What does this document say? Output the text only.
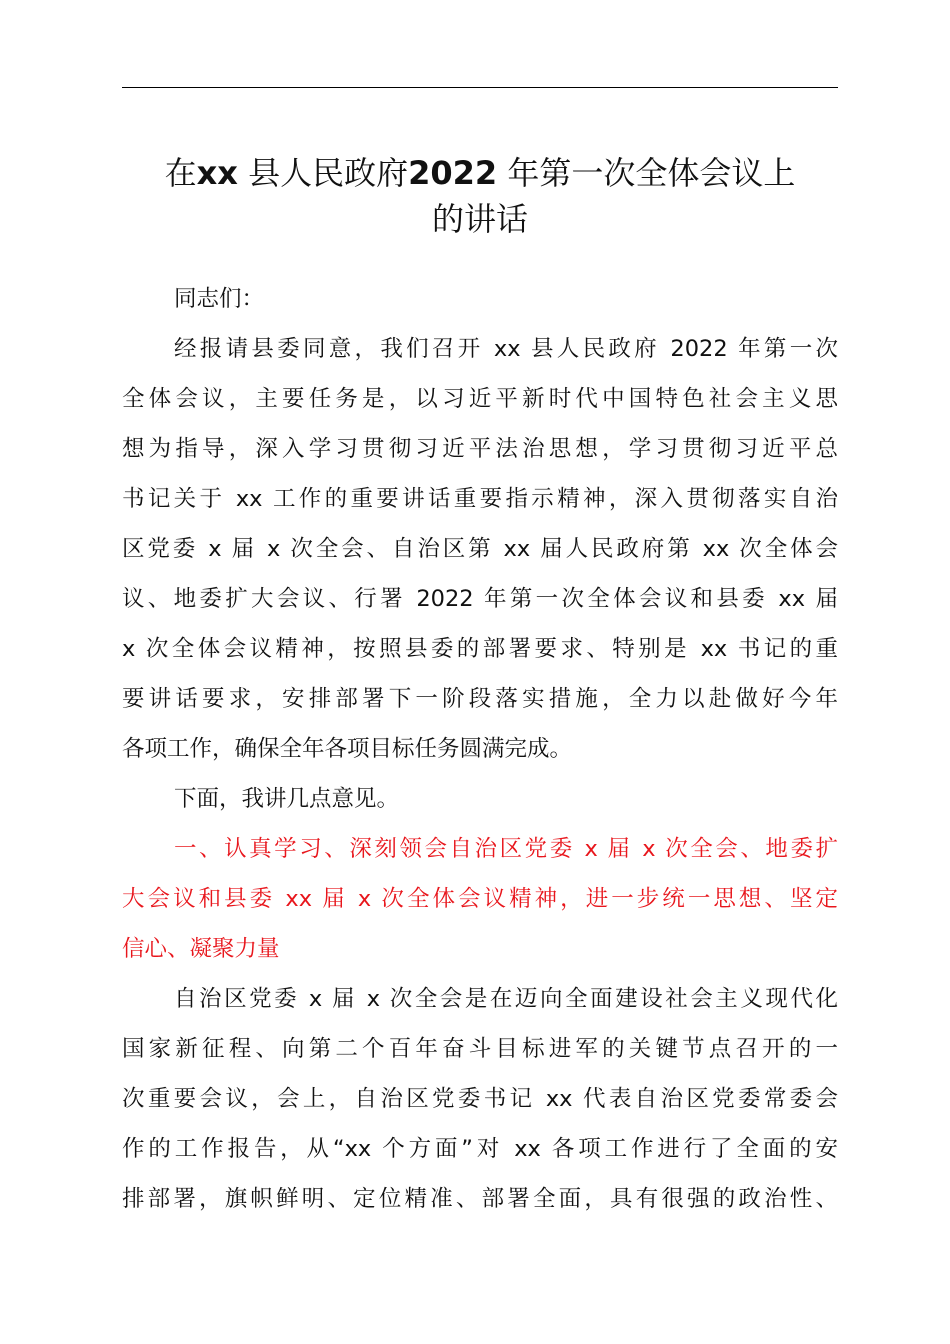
在xx 县人民政府2022 年第一次全体会议上
的讲话
同志们：
经报请县委同意，我们召开 xx 县人民政府 2022 年第一次
全体会议，主要任务是，以习近平新时代中国特色社会主义思
想为指导，深入学习贯彻习近平法治思想，学习贯彻习近平总
书记关于 xx 工作的重要讲话重要指示精神，深入贯彻落实自治
区党委 x 届 x 次全会、自治区第 xx 届人民政府第 xx 次全体会
议、地委扩大会议、行署 2022 年第一次全体会议和县委 xx 届
x 次全体会议精神，按照县委的部署要求、特别是 xx 书记的重
要讲话要求，安排部署下一阶段落实措施，全力以赴做好今年
各项工作，确保全年各项目标任务圆满完成。
下面，我讲几点意见。
一、认真学习、深刻领会自治区党委 x 届 x 次全会、地委扩
大会议和县委 xx 届 x 次全体会议精神，进一步统一思想、坚定
信心、凝聚力量
自治区党委 x 届 x 次全会是在迈向全面建设社会主义现代化
国家新征程、向第二个百年奋斗目标进军的关键节点召开的一
次重要会议，会上，自治区党委书记 xx 代表自治区党委常委会
作的工作报告，从“xx 个方面”对 xx 各项工作进行了全面的安
排部署，旗帜鲜明、定位精准、部署全面，具有很强的政治性、
